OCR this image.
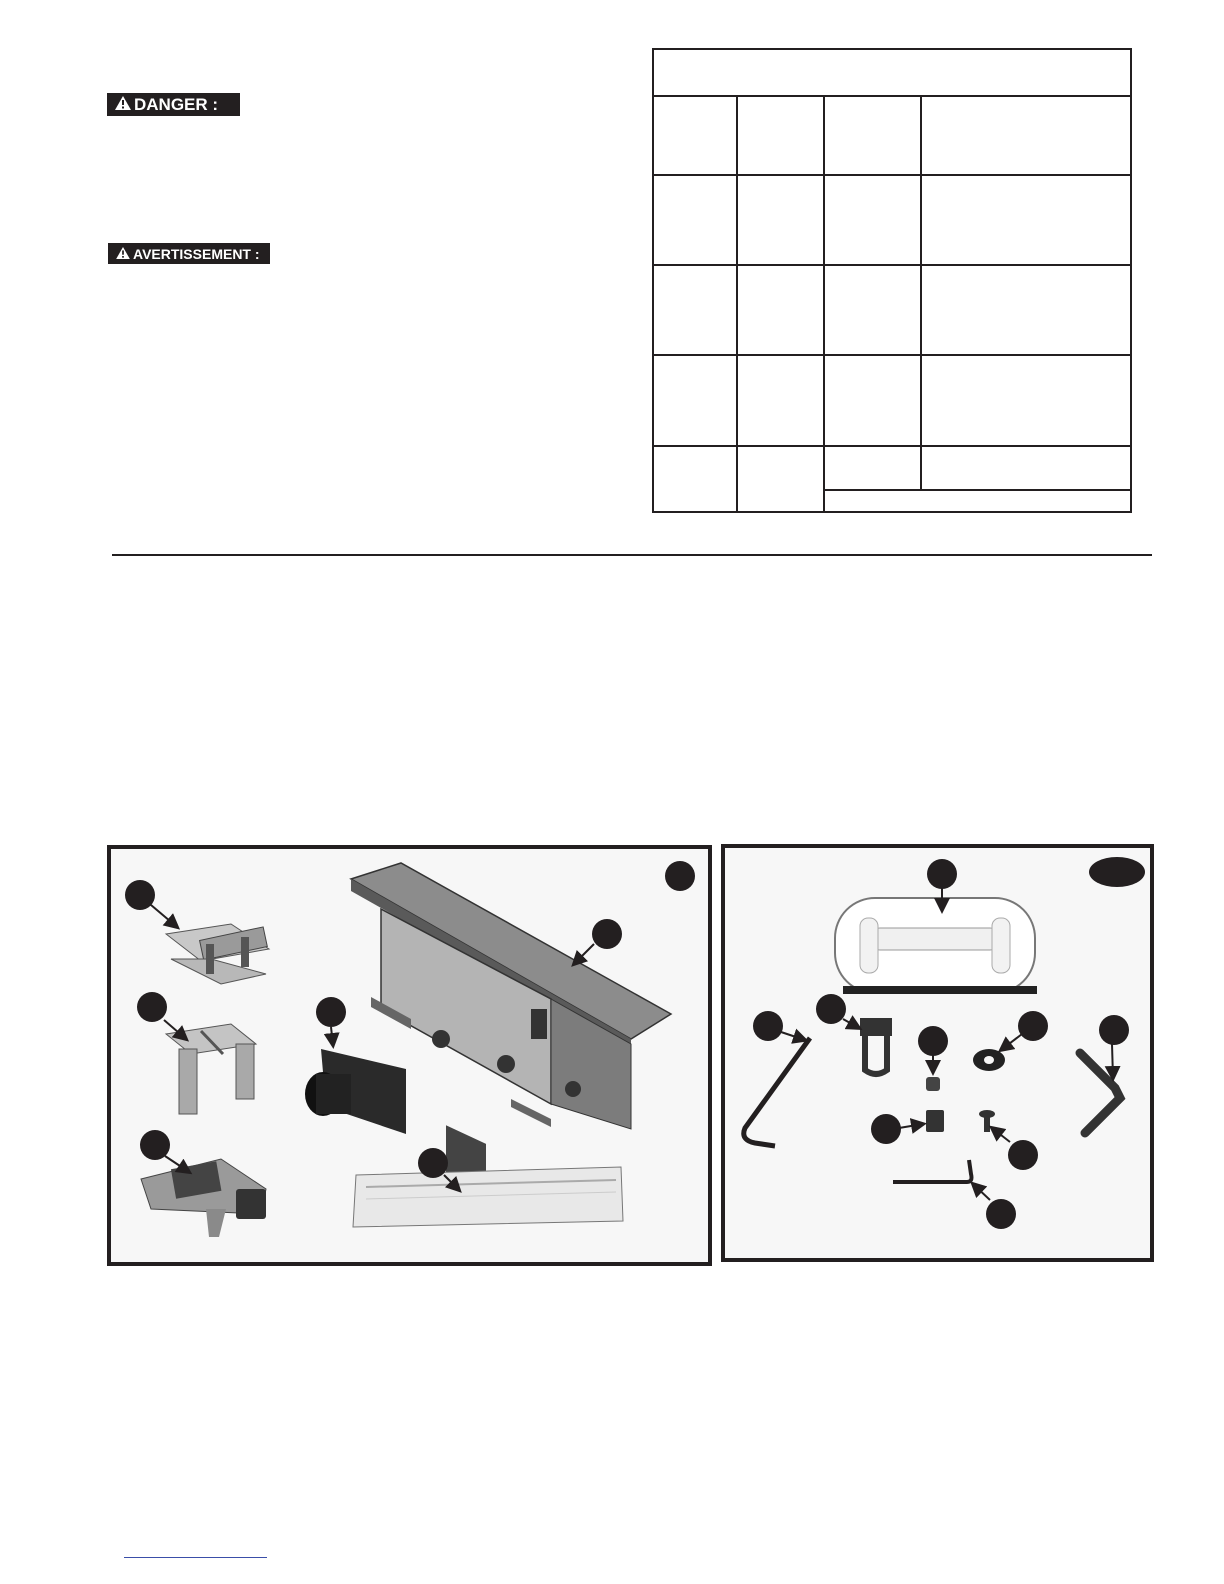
DANGER :
AVERTISSEMENT :
